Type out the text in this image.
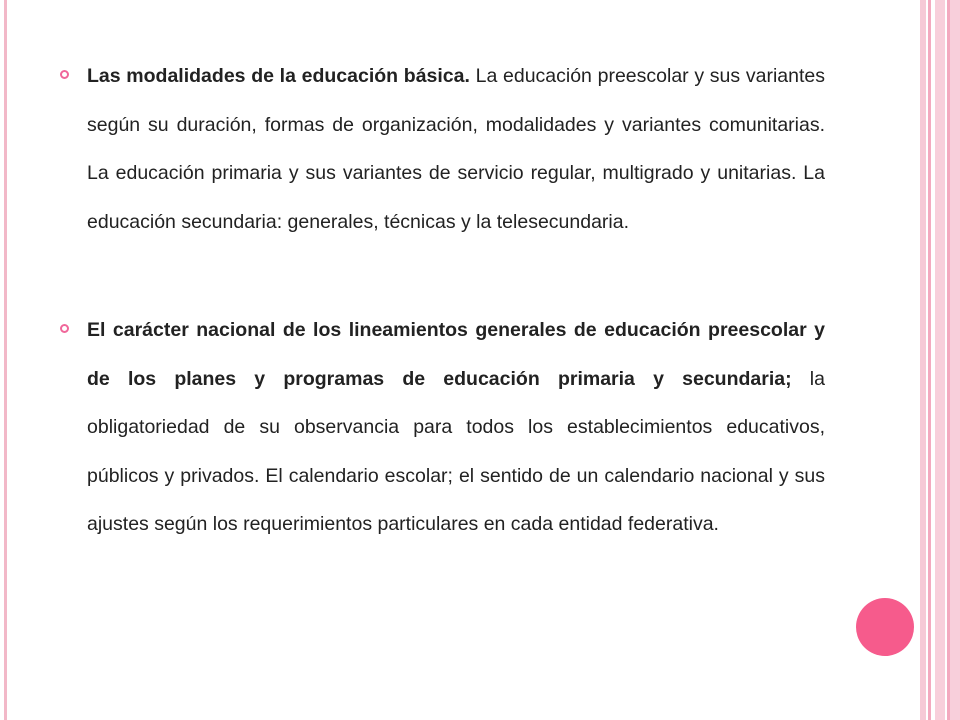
Las modalidades de la educación básica. La educación preescolar y sus variantes según su duración, formas de organización, modalidades y variantes comunitarias. La educación primaria y sus variantes de servicio regular, multigrado y unitarias. La educación secundaria: generales, técnicas y la telesecundaria.
El carácter nacional de los lineamientos generales de educación preescolar y de los planes y programas de educación primaria y secundaria; la obligatoriedad de su observancia para todos los establecimientos educativos, públicos y privados. El calendario escolar; el sentido de un calendario nacional y sus ajustes según los requerimientos particulares en cada entidad federativa.
